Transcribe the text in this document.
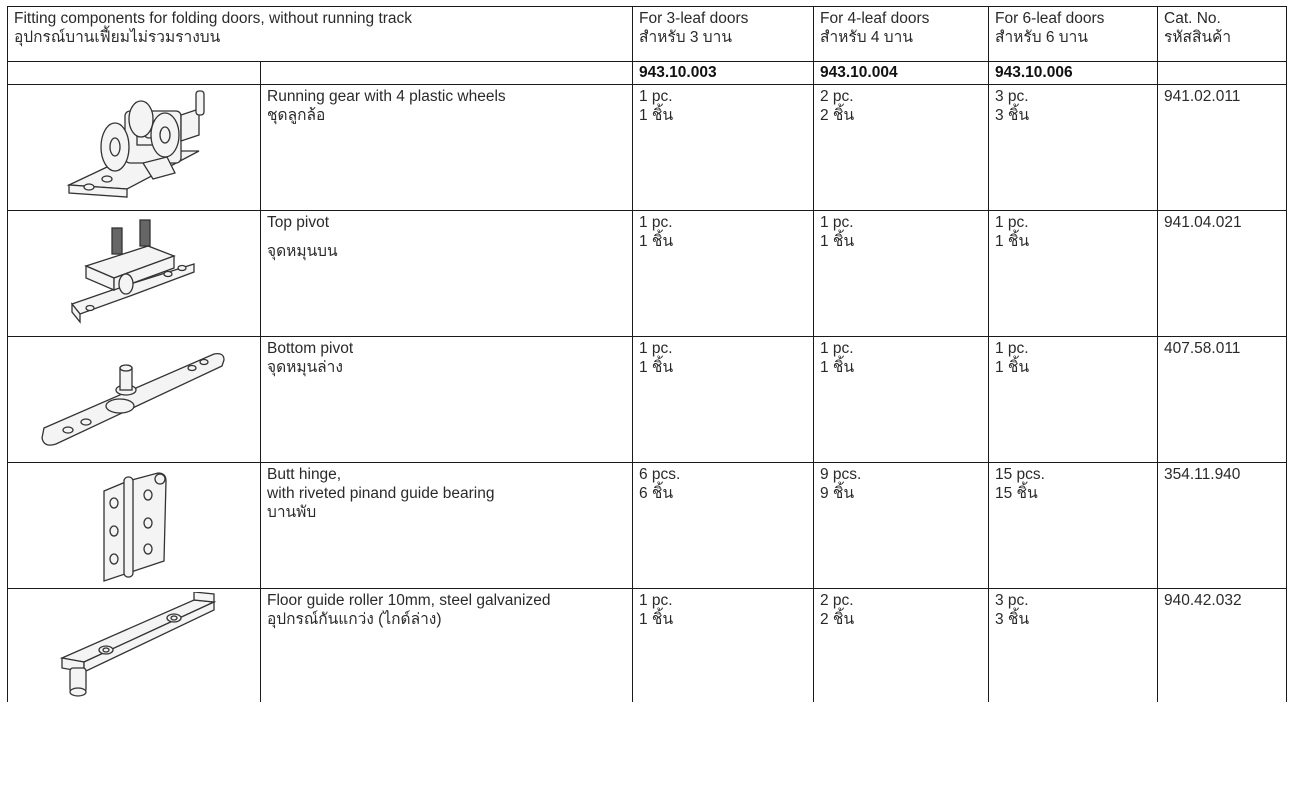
Fitting components for folding doors, without running track
อุปกรณ์บานเฟี้ยมไม่รวมรางบน		For 3-leaf doors
สำหรับ 3 บาน	For 4-leaf doors
สำหรับ 4 บาน	For 6-leaf doors
สำหรับ 6 บาน	Cat. No.
รหัสสินค้า

		943.10.003	943.10.004	943.10.006	

Running gear with 4 plastic wheels
ชุดลูกล้อ	1 pc.
1 ชิ้น	2 pc.
2 ชิ้น	3 pc.
3 ชิ้น	941.02.011

Top pivot
จุดหมุนบน	1 pc.
1 ชิ้น	1 pc.
1 ชิ้น	1 pc.
1 ชิ้น	941.04.021

Bottom pivot
จุดหมุนล่าง	1 pc.
1 ชิ้น	1 pc.
1 ชิ้น	1 pc.
1 ชิ้น	407.58.011

Butt hinge,
with riveted pinand guide bearing
บานพับ	6 pcs.
6 ชิ้น	9 pcs.
9 ชิ้น	15 pcs.
15 ชิ้น	354.11.940

Floor guide roller 10mm, steel galvanized
อุปกรณ์กันแกว่ง (ไกด์ล่าง)	1 pc.
1 ชิ้น	2 pc.
2 ชิ้น	3 pc.
3 ชิ้น	940.42.032
